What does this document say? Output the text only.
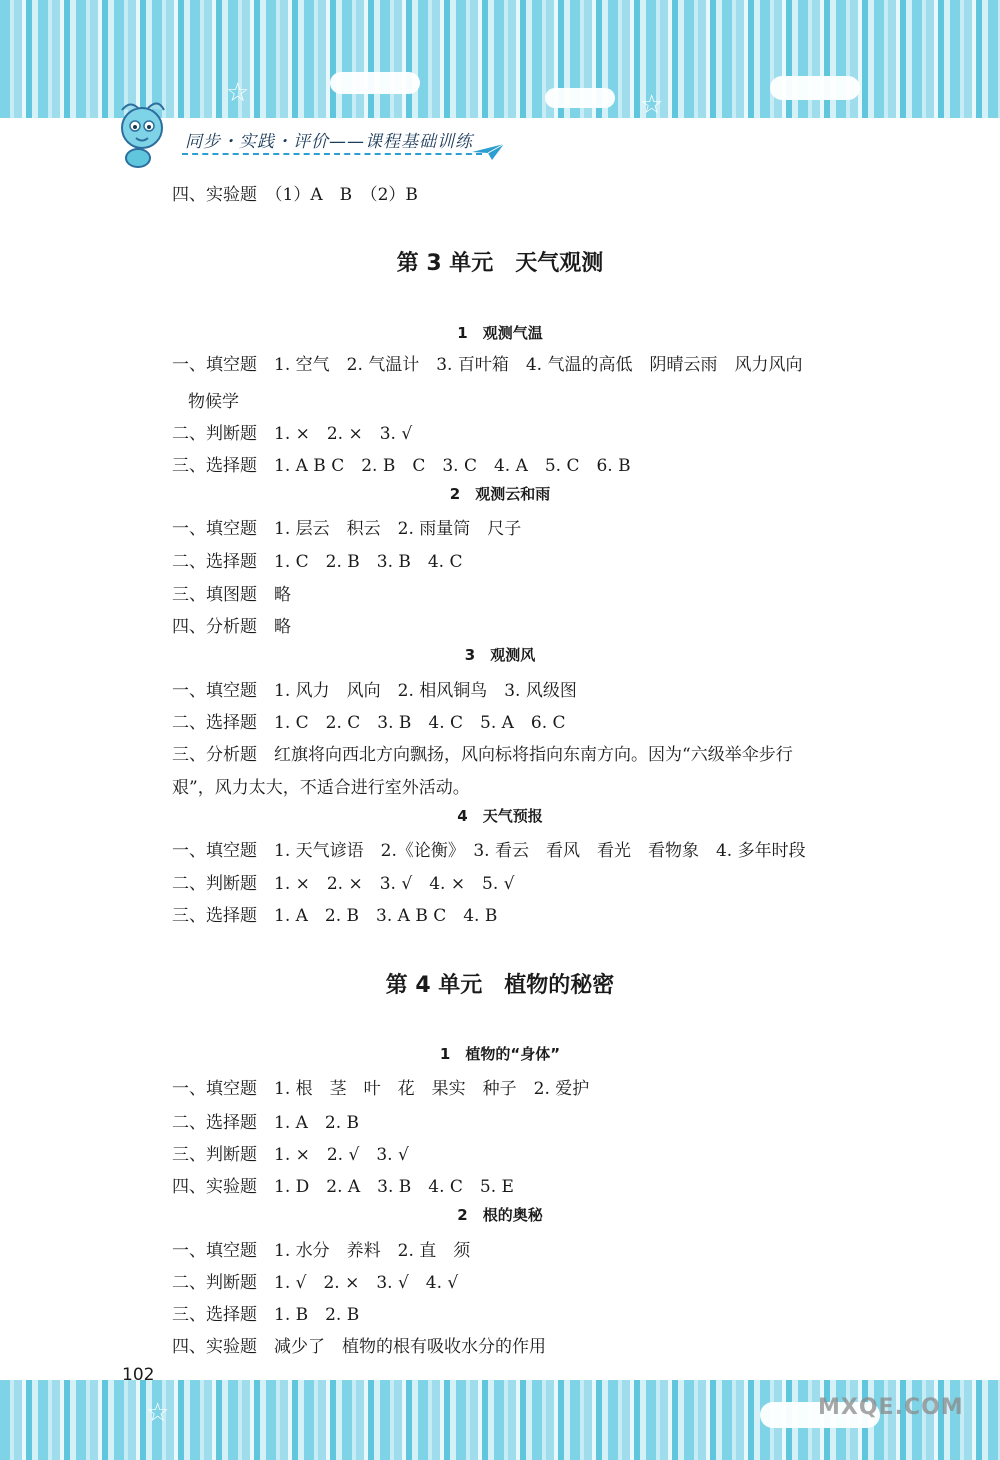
☆	☆
同步・实践・评价——课程基础训练
四、实验题　（1）A　B　（2）B
第 3 单元　天气观测
1　观测气温
一、填空题　1. 空气　2. 气温计　3. 百叶箱　4. 气温的高低　阴晴云雨　风力风向
物候学
二、判断题　1. ×　2. ×　3. √
三、选择题　1. A B C　2. B　C　3. C　4. A　5. C　6. B
2　观测云和雨
一、填空题　1. 层云　积云　2. 雨量筒　尺子
二、选择题　1. C　2. B　3. B　4. C
三、填图题　略
四、分析题　略
3　观测风
一、填空题　1. 风力　风向　2. 相风铜鸟　3. 风级图
二、选择题　1. C　2. C　3. B　4. C　5. A　6. C
三、分析题　红旗将向西北方向飘扬，风向标将指向东南方向。因为“六级举伞步行
艰”，风力太大，不适合进行室外活动。
4　天气预报
一、填空题　1. 天气谚语　2.《论衡》　3. 看云　看风　看光　看物象　4. 多年时段
二、判断题　1. ×　2. ×　3. √　4. ×　5. √
三、选择题　1. A　2. B　3. A B C　4. B
第 4 单元　植物的秘密
1　植物的“身体”
一、填空题　1. 根　茎　叶　花　果实　种子　2. 爱护
二、选择题　1. A　2. B
三、判断题　1. ×　2. √　3. √
四、实验题　1. D　2. A　3. B　4. C　5. E
2　根的奥秘
一、填空题　1. 水分　养料　2. 直　须
二、判断题　1. √　2. ×　3. √　4. √
三、选择题　1. B　2. B
四、实验题　减少了　植物的根有吸收水分的作用
☆
102
MXQE.COM
